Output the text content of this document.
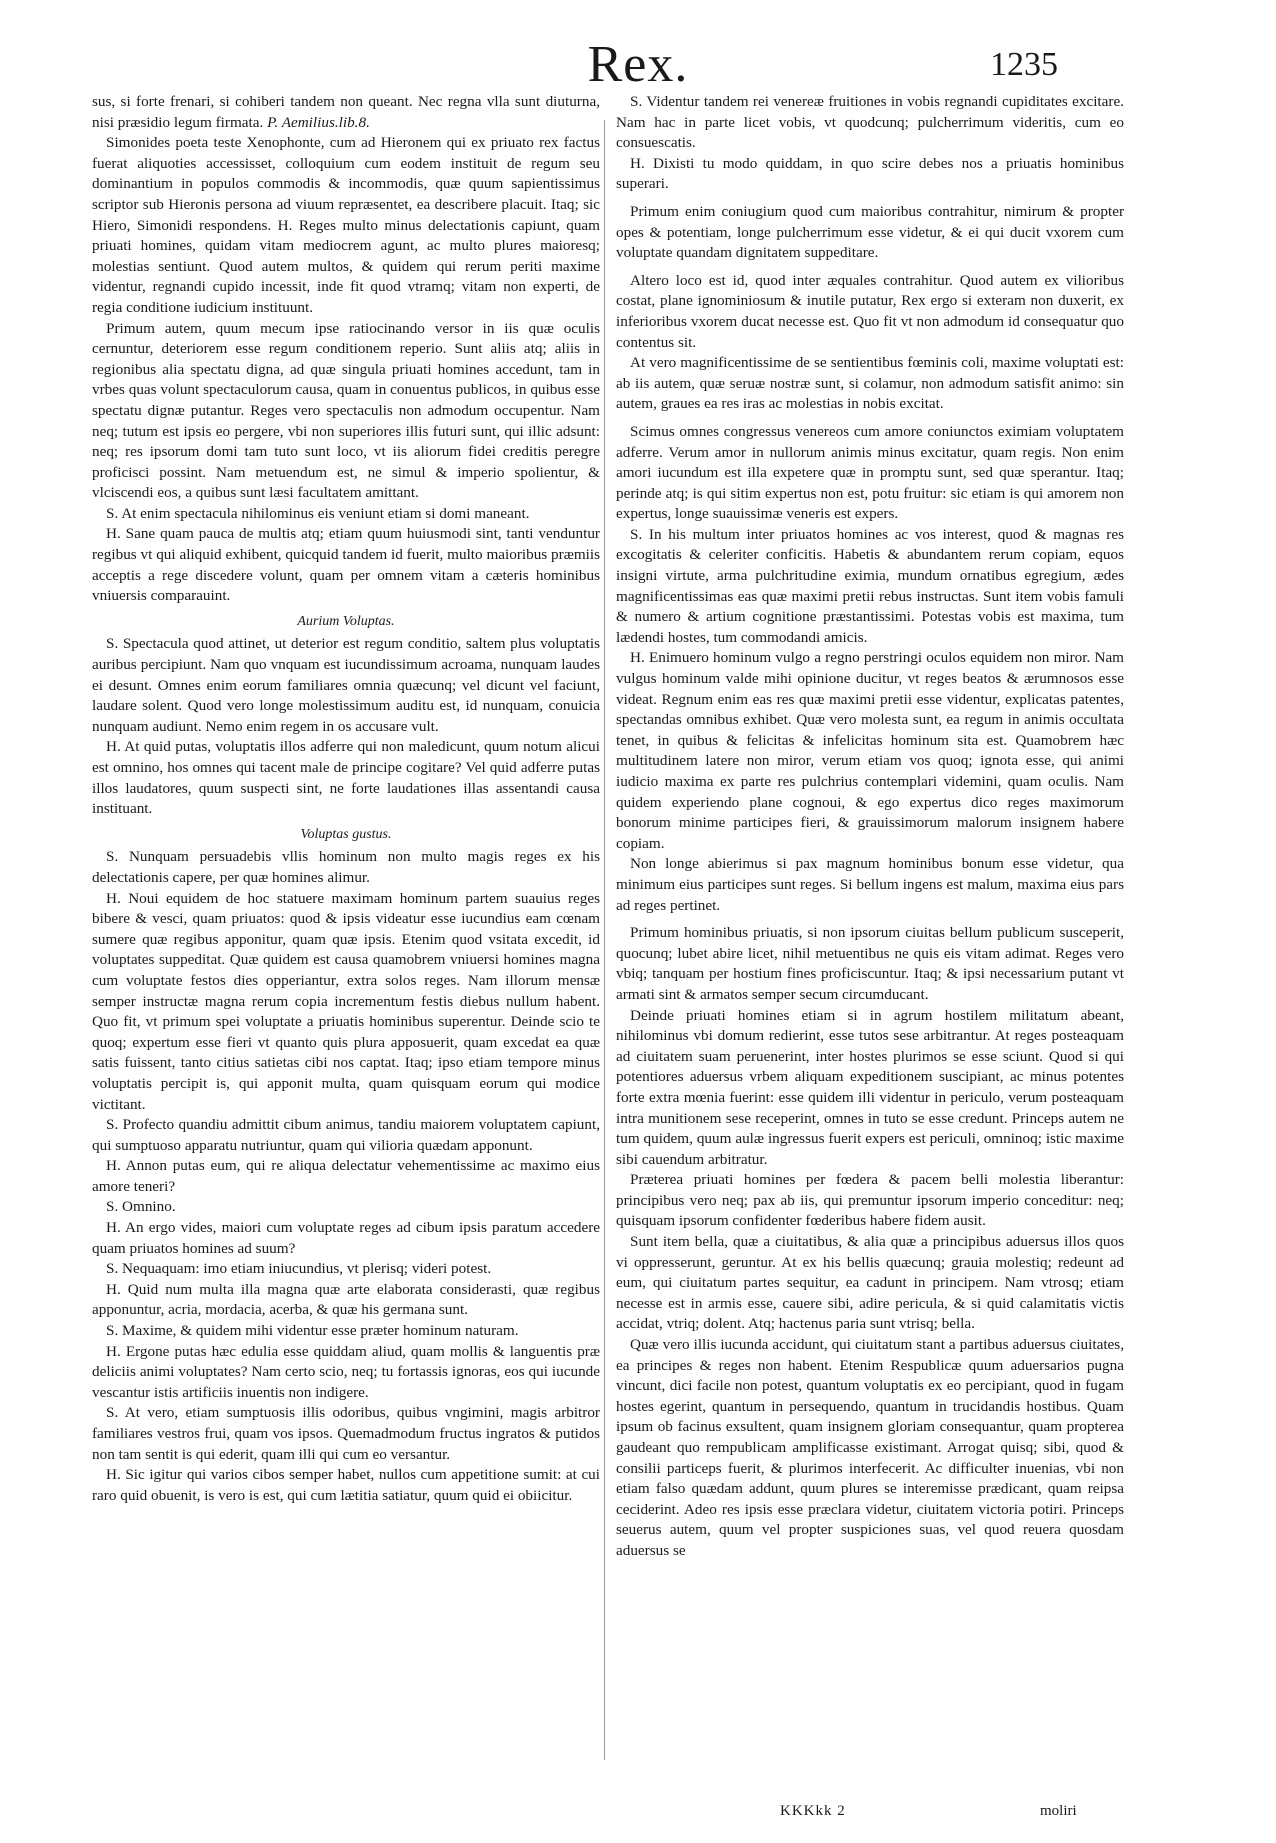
Rex.	1235

sus, si forte frenari, si cohiberi tandem non queant. Nec regna vlla sunt diuturna, nisi præsidio legum firmata. P. Aemilius.lib.8.

Simonides poeta teste Xenophonte, cum ad Hieronem qui ex priuato rex factus fuerat aliquoties accessisset, colloquium cum eodem instituit de regum seu dominantium in populos commodis & incommodis, quæ quum sapientissimus scriptor sub Hieronis persona ad viuum repræsentet, ea describere placuit. Itaq; sic Hiero, Simonidi respondens. H. Reges multo minus delectationis capiunt, quam priuati homines, quidam vitam mediocrem agunt, ac multo plures maioresq; molestias sentiunt. Quod autem multos, & quidem qui rerum periti maxime videntur, regnandi cupido incessit, inde fit quod vtramq; vitam non experti, de regia conditione iudicium instituunt.

Primum autem, quum mecum ipse ratiocinando versor in iis quæ oculis cernuntur, deteriorem esse regum conditionem reperio. Sunt aliis atq; aliis in regionibus alia spectatu digna, ad quæ singula priuati homines accedunt, tam in vrbes quas volunt spectaculorum causa, quam in conuentus publicos, in quibus esse spectatu dignæ putantur. Reges vero spectaculis non admodum occupentur. Nam neq; tutum est ipsis eo pergere, vbi non superiores illis futuri sunt, qui illic adsunt: neq; res ipsorum domi tam tuto sunt loco, vt iis aliorum fidei creditis peregre proficisci possint. Nam metuendum est, ne simul & imperio spolientur, & vlciscendi eos, a quibus sunt læsi facultatem amittant.

S. At enim spectacula nihilominus eis veniunt etiam si domi maneant.

H. Sane quam pauca de multis atq; etiam quum huiusmodi sint, tanti venduntur regibus vt qui aliquid exhibent, quicquid tandem id fuerit, multo maioribus præmiis acceptis a rege discedere volunt, quam per omnem vitam a cæteris hominibus vniuersis comparauint.

Aurium Voluptas.

S. Spectacula quod attinet, ut deterior est regum conditio, saltem plus voluptatis auribus percipiunt. Nam quo vnquam est iucundissimum acroama, nunquam laudes ei desunt. Omnes enim eorum familiares omnia quæcunq; vel dicunt vel faciunt, laudare solent. Quod vero longe molestissimum auditu est, id nunquam, conuicia nunquam audiunt. Nemo enim regem in os accusare vult.

H. At quid putas, voluptatis illos adferre qui non maledicunt, quum notum alicui est omnino, hos omnes qui tacent male de principe cogitare? Vel quid adferre putas illos laudatores, quum suspecti sint, ne forte laudationes illas assentandi causa instituant.

Voluptas gustus.

S. Nunquam persuadebis vllis hominum non multo magis reges ex his delectationis capere, per quæ homines alimur.

H. Noui equidem de hoc statuere maximam hominum partem suauius reges bibere & vesci, quam priuatos: quod & ipsis videatur esse iucundius eam cœnam sumere quæ regibus apponitur, quam quæ ipsis. Etenim quod vsitata excedit, id voluptates suppeditat. Quæ quidem est causa quamobrem vniuersi homines magna cum voluptate festos dies opperiantur, extra solos reges. Nam illorum mensæ semper instructæ magna rerum copia incrementum festis diebus nullum habent. Quo fit, vt primum spei voluptate a priuatis hominibus superentur. Deinde scio te quoq; expertum esse fieri vt quanto quis plura apposuerit, quam excedat ea quæ satis fuissent, tanto citius satietas cibi nos captat. Itaq; ipso etiam tempore minus voluptatis percipit is, qui apponit multa, quam quisquam eorum qui modice victitant.

S. Profecto quandiu admittit cibum animus, tandiu maiorem voluptatem capiunt, qui sumptuoso apparatu nutriuntur, quam qui vilioria quædam apponunt.

H. Annon putas eum, qui re aliqua delectatur vehementissime ac maximo eius amore teneri?

S. Omnino.

H. An ergo vides, maiori cum voluptate reges ad cibum ipsis paratum accedere quam priuatos homines ad suum?

S. Nequaquam: imo etiam iniucundius, vt plerisq; videri potest.

H. Quid num multa illa magna quæ arte elaborata considerasti, quæ regibus apponuntur, acria, mordacia, acerba, & quæ his germana sunt.

S. Maxime, & quidem mihi videntur esse præter hominum naturam.

H. Ergone putas hæc edulia esse quiddam aliud, quam mollis & languentis præ deliciis animi voluptates? Nam certo scio, neq; tu fortassis ignoras, eos qui iucunde vescantur istis artificiis inuentis non indigere.

S. At vero, etiam sumptuosis illis odoribus, quibus vngimini, magis arbitror familiares vestros frui, quam vos ipsos. Quemadmodum fructus ingratos & putidos non tam sentit is qui ederit, quam illi qui cum eo versantur.

H. Sic igitur qui varios cibos semper habet, nullos cum appetitione sumit: at cui raro quid obuenit, is vero is est, qui cum lætitia satiatur, quum quid ei obiicitur.

S. Videntur tandem rei venereæ fruitiones in vobis regnandi cupiditates excitare. Nam hac in parte licet vobis, vt quodcunq; pulcherrimum videritis, cum eo consuescatis.

H. Dixisti tu modo quiddam, in quo scire debes nos a priuatis hominibus superari.

Primum enim coniugium quod cum maioribus contrahitur, nimirum & propter opes & potentiam, longe pulcherrimum esse videtur, & ei qui ducit vxorem cum voluptate quandam dignitatem suppeditare.

Altero loco est id, quod inter æquales contrahitur. Quod autem ex vilioribus costat, plane ignominiosum & inutile putatur, Rex ergo si exteram non duxerit, ex inferioribus vxorem ducat necesse est. Quo fit vt non admodum id consequatur quo contentus sit.

At vero magnificentissime de se sentientibus fœminis coli, maxime voluptati est: ab iis autem, quæ seruæ nostræ sunt, si colamur, non admodum satisfit animo: sin autem, graues ea res iras ac molestias in nobis excitat.

Scimus omnes congressus venereos cum amore coniunctos eximiam voluptatem adferre. Verum amor in nullorum animis minus excitatur, quam regis. Non enim amori iucundum est illa expetere quæ in promptu sunt, sed quæ sperantur. Itaq; perinde atq; is qui sitim expertus non est, potu fruitur: sic etiam is qui amorem non expertus, longe suauissimæ veneris est expers.

S. In his multum inter priuatos homines ac vos interest, quod & magnas res excogitatis & celeriter conficitis. Habetis & abundantem rerum copiam, equos insigni virtute, arma pulchritudine eximia, mundum ornatibus egregium, ædes magnificentissimas eas quæ maximi pretii rebus instructas. Sunt item vobis famuli & numero & artium cognitione præstantissimi. Potestas vobis est maxima, tum lædendi hostes, tum commodandi amicis.

H. Enimuero hominum vulgo a regno perstringi oculos equidem non miror. Nam vulgus hominum valde mihi opinione ducitur, vt reges beatos & ærumnosos esse videat. Regnum enim eas res quæ maximi pretii esse videntur, explicatas patentes, spectandas omnibus exhibet. Quæ vero molesta sunt, ea regum in animis occultata tenet, in quibus & felicitas & infelicitas hominum sita est. Quamobrem hæc multitudinem latere non miror, verum etiam vos quoq; ignota esse, qui animi iudicio maxima ex parte res pulchrius contemplari videmini, quam oculis. Nam quidem experiendo plane cognoui, & ego expertus dico reges maximorum bonorum minime participes fieri, & grauissimorum malorum insignem habere copiam.

Non longe abierimus si pax magnum hominibus bonum esse videtur, qua minimum eius participes sunt reges. Si bellum ingens est malum, maxima eius pars ad reges pertinet.

Primum hominibus priuatis, si non ipsorum ciuitas bellum publicum susceperit, quocunq; lubet abire licet, nihil metuentibus ne quis eis vitam adimat. Reges vero vbiq; tanquam per hostium fines proficiscuntur. Itaq; & ipsi necessarium putant vt armati sint & armatos semper secum circumducant.

Deinde priuati homines etiam si in agrum hostilem militatum abeant, nihilominus vbi domum redierint, esse tutos sese arbitrantur. At reges posteaquam ad ciuitatem suam peruenerint, inter hostes plurimos se esse sciunt. Quod si qui potentiores aduersus vrbem aliquam expeditionem suscipiant, ac minus potentes forte extra mœnia fuerint: esse quidem illi videntur in periculo, verum posteaquam intra munitionem sese receperint, omnes in tuto se esse credunt. Princeps autem ne tum quidem, quum aulæ ingressus fuerit expers est periculi, omninoq; istic maxime sibi cauendum arbitratur.

Præterea priuati homines per fœdera & pacem belli molestia liberantur: principibus vero neq; pax ab iis, qui premuntur ipsorum imperio conceditur: neq; quisquam ipsorum confidenter fœderibus habere fidem ausit.

Sunt item bella, quæ a ciuitatibus, & alia quæ a principibus aduersus illos quos vi oppresserunt, geruntur. At ex his bellis quæcunq; grauia molestiq; redeunt ad eum, qui ciuitatum partes sequitur, ea cadunt in principem. Nam vtrosq; etiam necesse est in armis esse, cauere sibi, adire pericula, & si quid calamitatis victis accidat, vtriq; dolent. Atq; hactenus paria sunt vtrisq; bella.

Quæ vero illis iucunda accidunt, qui ciuitatum stant a partibus aduersus ciuitates, ea principes & reges non habent. Etenim Respublicæ quum aduersarios pugna vincunt, dici facile non potest, quantum voluptatis ex eo percipiant, quod in fugam hostes egerint, quantum in persequendo, quantum in trucidandis hostibus. Quam ipsum ob facinus exsultent, quam insignem gloriam consequantur, quam propterea gaudeant quo rempublicam amplificasse existimant. Arrogat quisq; sibi, quod & consilii particeps fuerit, & plurimos interfecerit. Ac difficulter inuenias, vbi non etiam falso quædam addunt, quum plures se interemisse prædicant, quam reipsa ceciderint. Adeo res ipsis esse præclara videtur, ciuitatem victoria potiri. Princeps seuerus autem, quum vel propter suspiciones suas, vel quod reuera quosdam aduersus se

KKKkk 2	moliri
